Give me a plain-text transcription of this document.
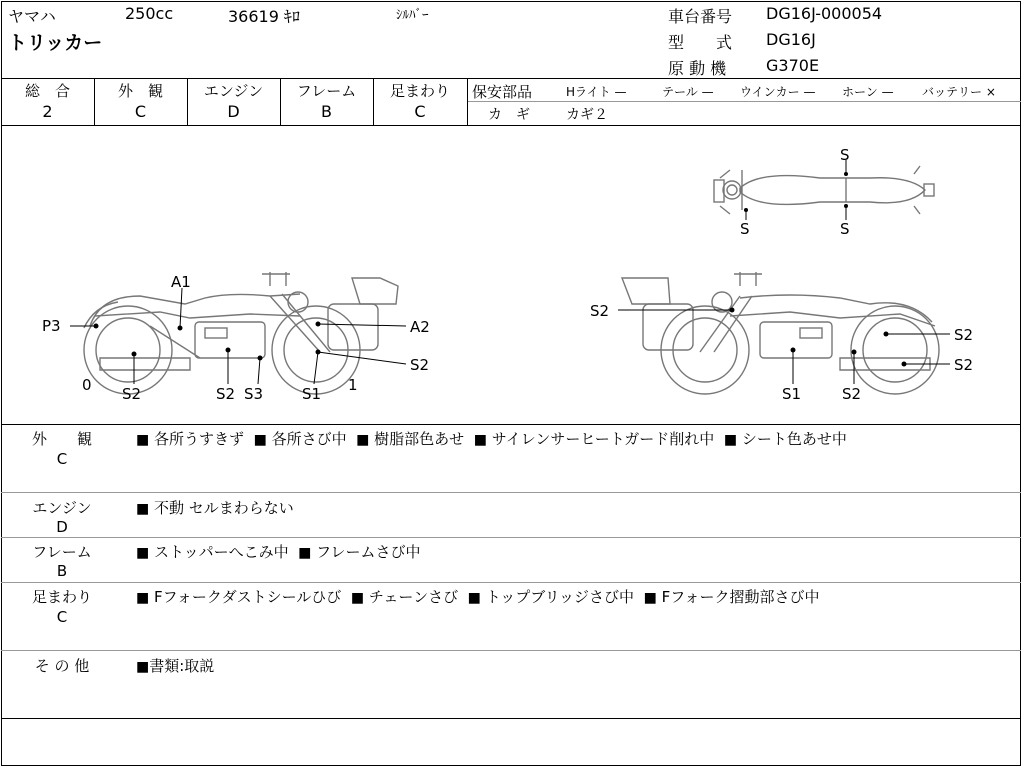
ヤマハ	250cc	36619 ｷﾛ	ｼﾙﾊﾞｰ
トリッカー
車台番号 DG16J-000054
型　　式 DG16J
原 動 機 G370E
総　合
2
外　観
C
エンジン
D
フレーム
B
足まわり
C
保安部品	Hライト —	テール — ウインカー — ホーン — バッテリー ×
カ　ギ	カギ２
A1
P3	A2
S2
0 S2	S2 S3	S1 1
S2
S2
S2
S1	S2
S
S	S
外　　観
C
■ 各所うすきず ■ 各所さび中 ■ 樹脂部色あせ ■ サイレンサーヒートガード削れ中 ■ シート色あせ中
エンジン
D
■ 不動 セルまわらない
フレーム
B
■ ストッパーへこみ中 ■ フレームさび中
足まわり
C
■ Fフォークダストシールひび ■ チェーンさび ■ トップブリッジさび中 ■ Fフォーク摺動部さび中
そ の 他	■書類:取説
